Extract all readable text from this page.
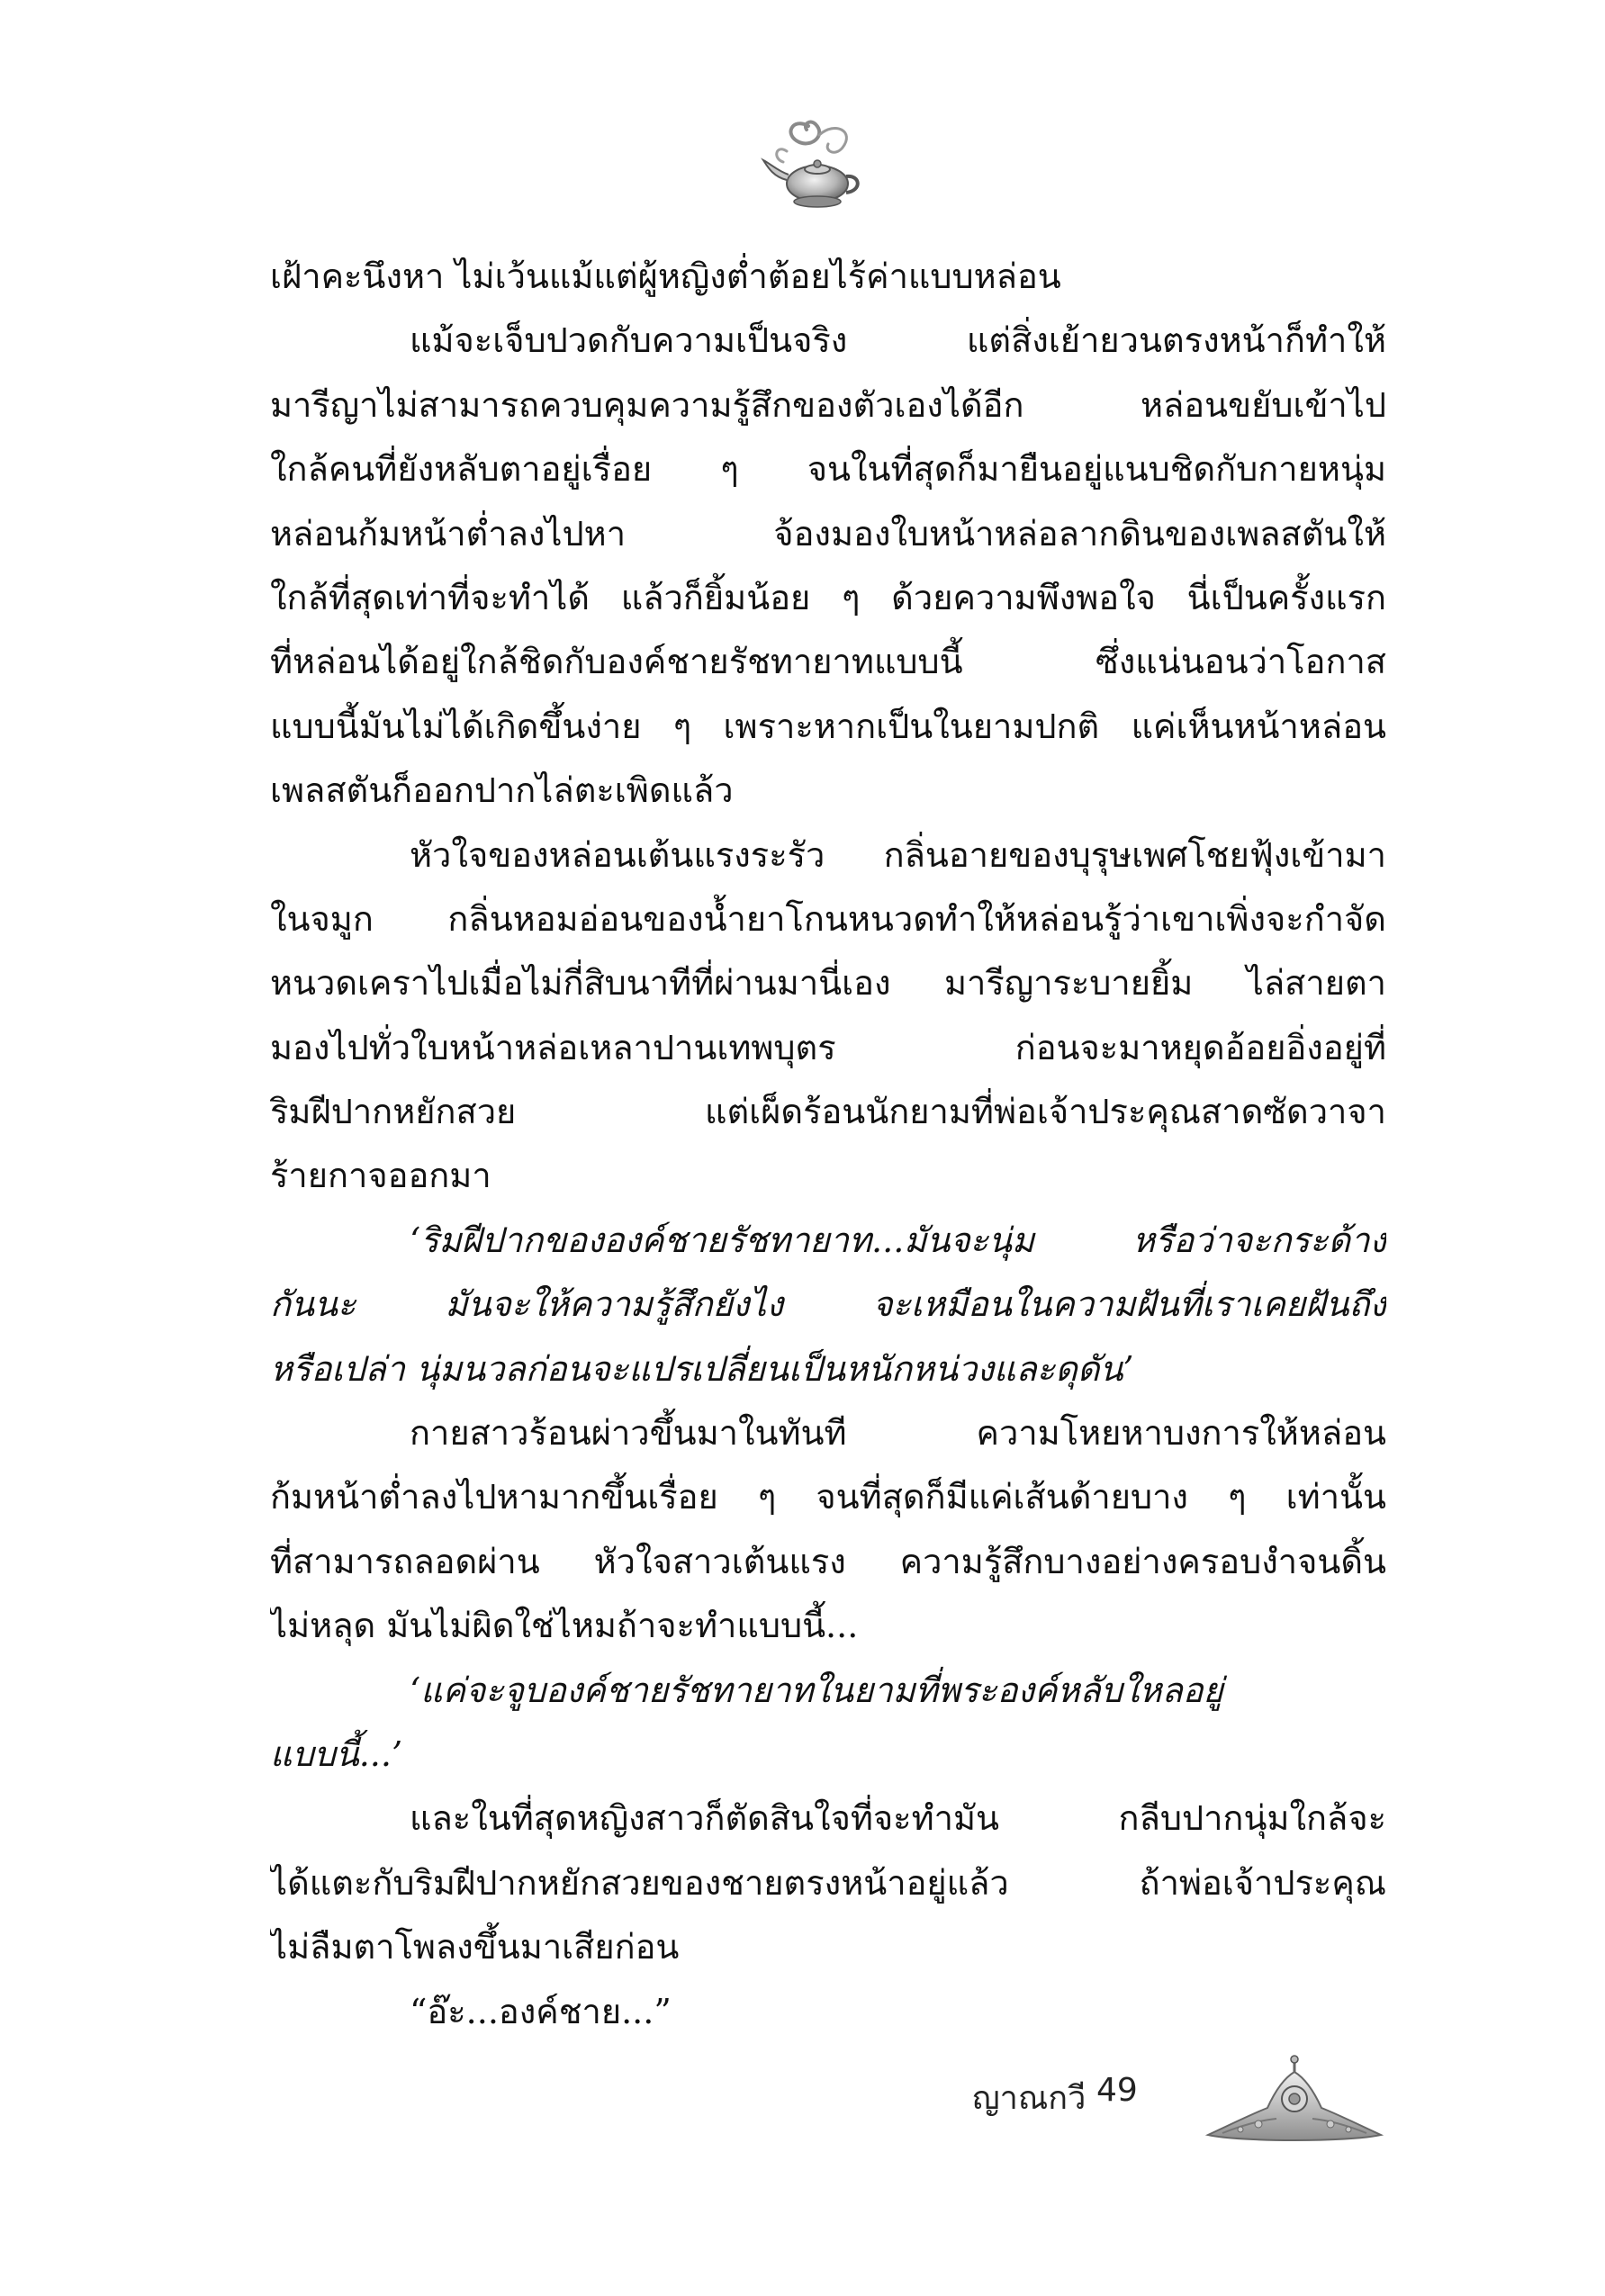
เฝ้าคะนึงหา ไม่เว้นแม้แต่ผู้หญิงต่ำต้อยไร้ค่าแบบหล่อน
แม้จะเจ็บปวดกับความเป็นจริง แต่สิ่งเย้ายวนตรงหน้าก็ทำให้
มารีญาไม่สามารถควบคุมความรู้สึกของตัวเองได้อีก หล่อนขยับเข้าไป
ใกล้คนที่ยังหลับตาอยู่เรื่อย ๆ จนในที่สุดก็มายืนอยู่แนบชิดกับกายหนุ่ม
หล่อนก้มหน้าต่ำลงไปหา จ้องมองใบหน้าหล่อลากดินของเพลสตันให้
ใกล้ที่สุดเท่าที่จะทำได้ แล้วก็ยิ้มน้อย ๆ ด้วยความพึงพอใจ นี่เป็นครั้งแรก
ที่หล่อนได้อยู่ใกล้ชิดกับองค์ชายรัชทายาทแบบนี้ ซึ่งแน่นอนว่าโอกาส
แบบนี้มันไม่ได้เกิดขึ้นง่าย ๆ เพราะหากเป็นในยามปกติ แค่เห็นหน้าหล่อน
เพลสตันก็ออกปากไล่ตะเพิดแล้ว
หัวใจของหล่อนเต้นแรงระรัว กลิ่นอายของบุรุษเพศโชยฟุ้งเข้ามา
ในจมูก กลิ่นหอมอ่อนของน้ำยาโกนหนวดทำให้หล่อนรู้ว่าเขาเพิ่งจะกำจัด
หนวดเคราไปเมื่อไม่กี่สิบนาทีที่ผ่านมานี่เอง มารีญาระบายยิ้ม ไล่สายตา
มองไปทั่วใบหน้าหล่อเหลาปานเทพบุตร ก่อนจะมาหยุดอ้อยอิ่งอยู่ที่
ริมฝีปากหยักสวย แต่เผ็ดร้อนนักยามที่พ่อเจ้าประคุณสาดซัดวาจา
ร้ายกาจออกมา
‘ริมฝีปากขององค์ชายรัชทายาท...มันจะนุ่ม หรือว่าจะกระด้าง
กันนะ มันจะให้ความรู้สึกยังไง จะเหมือนในความฝันที่เราเคยฝันถึง
หรือเปล่า นุ่มนวลก่อนจะแปรเปลี่ยนเป็นหนักหน่วงและดุดัน’
กายสาวร้อนผ่าวขึ้นมาในทันที ความโหยหาบงการให้หล่อน
ก้มหน้าต่ำลงไปหามากขึ้นเรื่อย ๆ จนที่สุดก็มีแค่เส้นด้ายบาง ๆ เท่านั้น
ที่สามารถลอดผ่าน หัวใจสาวเต้นแรง ความรู้สึกบางอย่างครอบงำจนดิ้น
ไม่หลุด มันไม่ผิดใช่ไหมถ้าจะทำแบบนี้...
‘แค่จะจูบองค์ชายรัชทายาทในยามที่พระองค์หลับใหลอยู่
แบบนี้...’
และในที่สุดหญิงสาวก็ตัดสินใจที่จะทำมัน กลีบปากนุ่มใกล้จะ
ได้แตะกับริมฝีปากหยักสวยของชายตรงหน้าอยู่แล้ว ถ้าพ่อเจ้าประคุณ
ไม่ลืมตาโพลงขึ้นมาเสียก่อน
“อ๊ะ...องค์ชาย...”
ญาณกวี 49
